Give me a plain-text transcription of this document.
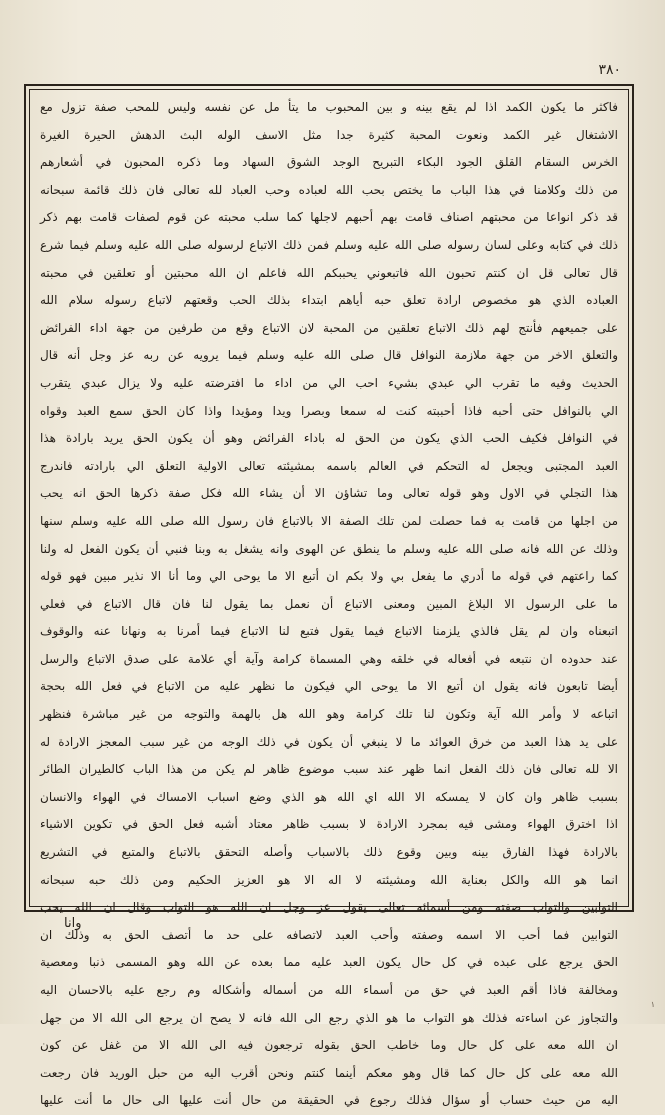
٣٨٠
فاكثر ما يكون الكمد اذا لم يقع بينه و بين المحبوب ما يتأ مل عن نفسه وليس للمحب صفة تزول مع
الاشتغال غير الكمد ونعوت المحبة كثيرة جدا مثل الاسف الوله البث الدهش الحيرة الغيرة
الخرس السقام القلق الجود البكاء التبريح الوجد الشوق السهاد وما ذكره المحبون في أشعارهم
من ذلك وكلامنا في هذا الباب ما يختص بحب الله لعباده وحب العباد لله تعالى فان ذلك قائمة سبحانه
قد ذكر انواعا من محبتهم اصناف قامت بهم أحبهم لاجلها كما سلب محبته عن قوم لصفات قامت بهم ذكر
ذلك في كتابه وعلى لسان رسوله صلى الله عليه وسلم فمن ذلك الاتباع لرسوله صلى الله عليه وسلم فيما شرع
قال تعالى قل ان كنتم تحبون الله فاتبعوني يحببكم الله فاعلم ان الله محبتين أو تعلقين في محبته
العباده الذي هو مخصوص ارادة تعلق حبه أياهم ابتداء بذلك الحب وقعتهم لاتباع رسوله سلام الله
على جميعهم فأنتج لهم ذلك الاتباع تعلقين من المحبة لان الاتباع وقع من طرفين من جهة اداء الفرائض
والتعلق الاخر من جهة ملازمة النوافل قال صلى الله عليه وسلم فيما يرويه عن ربه عز وجل أنه قال
الحديث وفيه ما تقرب الي عبدي بشيء احب الي من اداء ما افترضته عليه ولا يزال عبدي يتقرب
الي بالنوافل حتى أحبه فاذا أحببته كنت له سمعا وبصرا ويدا ومؤيدا واذا كان الحق سمع العبد وقواه
في النوافل فكيف الحب الذي يكون من الحق له باداء الفرائض وهو أن يكون الحق يريد بارادة هذا
العبد المجتبى ويجعل له التحكم في العالم باسمه بمشيئته تعالى الاولية التعلق الي بارادته فاندرج
هذا التجلي في الاول وهو قوله تعالى وما تشاؤن الا أن يشاء الله فكل صفة ذكرها الحق انه يحب
من اجلها من قامت به فما حصلت لمن تلك الصفة الا بالاتباع فان رسول الله صلى الله عليه وسلم سنها
وذلك عن الله فانه صلى الله عليه وسلم ما ينطق عن الهوى وانه يشغل به وبنا فنبي أن يكون الفعل له ولنا
كما راعتهم في قوله ما أدري ما يفعل بي ولا بكم ان أتبع الا ما يوحى الي وما أنا الا نذير مبين فهو قوله
ما على الرسول الا البلاغ المبين ومعنى الاتباع أن نعمل بما يقول لنا فان قال الاتباع في فعلي
اتبعناه وان لم يقل فالذي يلزمنا الاتباع فيما يقول فتبع لنا الاتباع فيما أمرنا به ونهانا عنه والوقوف
عند حدوده ان نتبعه في أفعاله في خلقه وهي المسماة كرامة وآية أي علامة على صدق الاتباع والرسل
أيضا تابعون فانه يقول ان أتبع الا ما يوحى الي فيكون ما نظهر عليه من الاتباع في فعل الله بحجة
اتباعه لا وأمر الله آية وتكون لنا تلك كرامة وهو الله هل بالهمة والتوجه من غير مباشرة فنظهر
على يد هذا العبد من خرق العوائد ما لا ينبغي أن يكون في ذلك الوجه من غير سبب المعجز الارادة له
الا لله تعالى فان ذلك الفعل انما ظهر عند سبب موضوع ظاهر لم يكن من هذا الباب كالطيران الطائر
بسبب ظاهر وان كان لا يمسكه الا الله اي الله هو الذي وضع اسباب الامساك في الهواء والانسان
اذا اخترق الهواء ومشى فيه بمجرد الارادة لا بسبب ظاهر معتاد أشبه فعل الحق في تكوين الاشياء
بالارادة فهذا الفارق بينه وبين وقوع ذلك بالاسباب وأصله التحقق بالاتباع والمتبع في التشريع
انما هو الله والكل بعناية الله ومشيئته لا اله الا هو العزيز الحكيم ومن ذلك حبه سبحانه
التوابين والتواب صفته ومن أسمائه تعالى يقول عز وجل ان الله هو التواب وقال ان الله يحب
التوابين فما أحب الا اسمه وصفته وأحب العبد لاتصافه على حد ما أتصف الحق به وذلك ان
الحق يرجع على عبده في كل حال يكون العبد عليه مما بعده عن الله وهو المسمى ذنبا ومعصية
ومخالفة فاذا أقم العبد في حق من أسماء الله من أسماله وأشكاله وم رجع عليه بالاحسان اليه
والتجاوز عن اساءته فذلك هو التواب ما هو الذي رجع الى الله فانه لا يصح ان يرجع الى الله الا من جهل
ان الله معه على كل حال وما خاطب الحق بقوله ترجعون فيه الى الله الا من غفل عن كون
الله معه على كل حال كما قال وهو معكم أينما كنتم ونحن أقرب اليه من حبل الوريد فان رجعت
اليه من حيث حساب أو سؤال فذلك رجوع في الحقيقة من حال أنت عليها الى حال ما أنت عليها
وانا
١
